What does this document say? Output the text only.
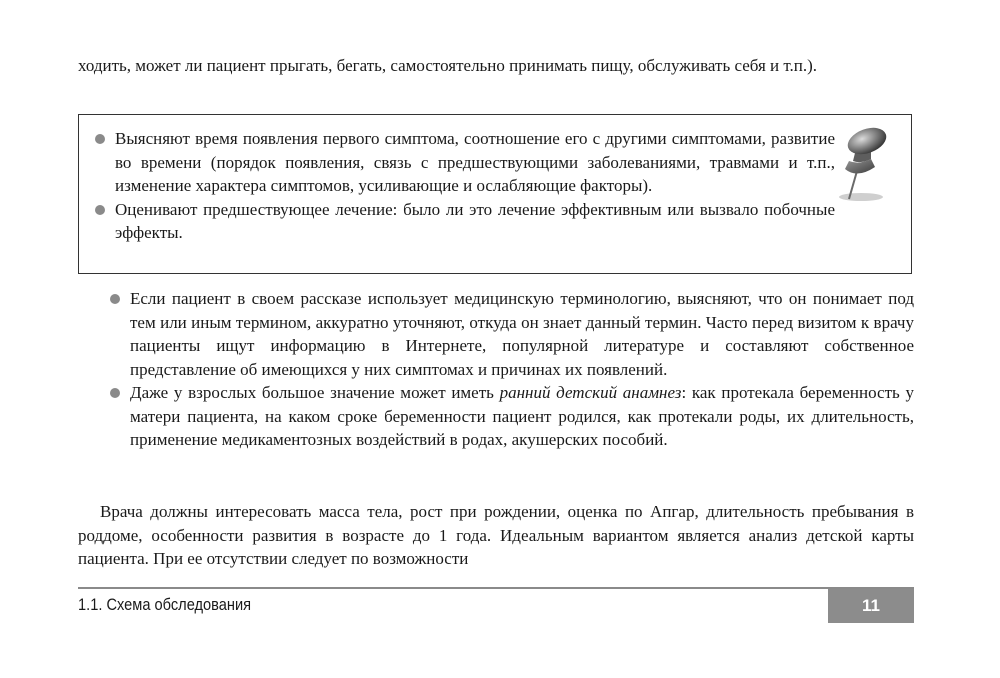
ходить, может ли пациент прыгать, бегать, самостоятельно принимать пищу, обслуживать себя и т.п.).

Выясняют время появления первого симптома, соотношение его с другими симптомами, развитие во времени (порядок появления, связь с предшествующими заболеваниями, травмами и т.п., изменение характера симптомов, усиливающие и ослабляющие факторы).
Оценивают предшествующее лечение: было ли это лечение эффективным или вызвало побочные эффекты.
Если пациент в своем рассказе использует медицинскую терминологию, выясняют, что он понимает под тем или иным термином, аккуратно уточняют, откуда он знает данный термин. Часто перед визитом к врачу пациенты ищут информацию в Интернете, популярной литературе и составляют собственное представление об имеющихся у них симптомах и причинах их появлений.
Даже у взрослых большое значение может иметь ранний детский анамнез: как протекала беременность у матери пациента, на каком сроке беременности пациент родился, как протекали роды, их длительность, применение медикаментозных воздействий в родах, акушерских пособий.

Врача должны интересовать масса тела, рост при рождении, оценка по Апгар, длительность пребывания в роддоме, особенности развития в возрасте до 1 года. Идеальным вариантом является анализ детской карты пациента. При ее отсутствии следует по возможности

1.1. Схема обследования	11
